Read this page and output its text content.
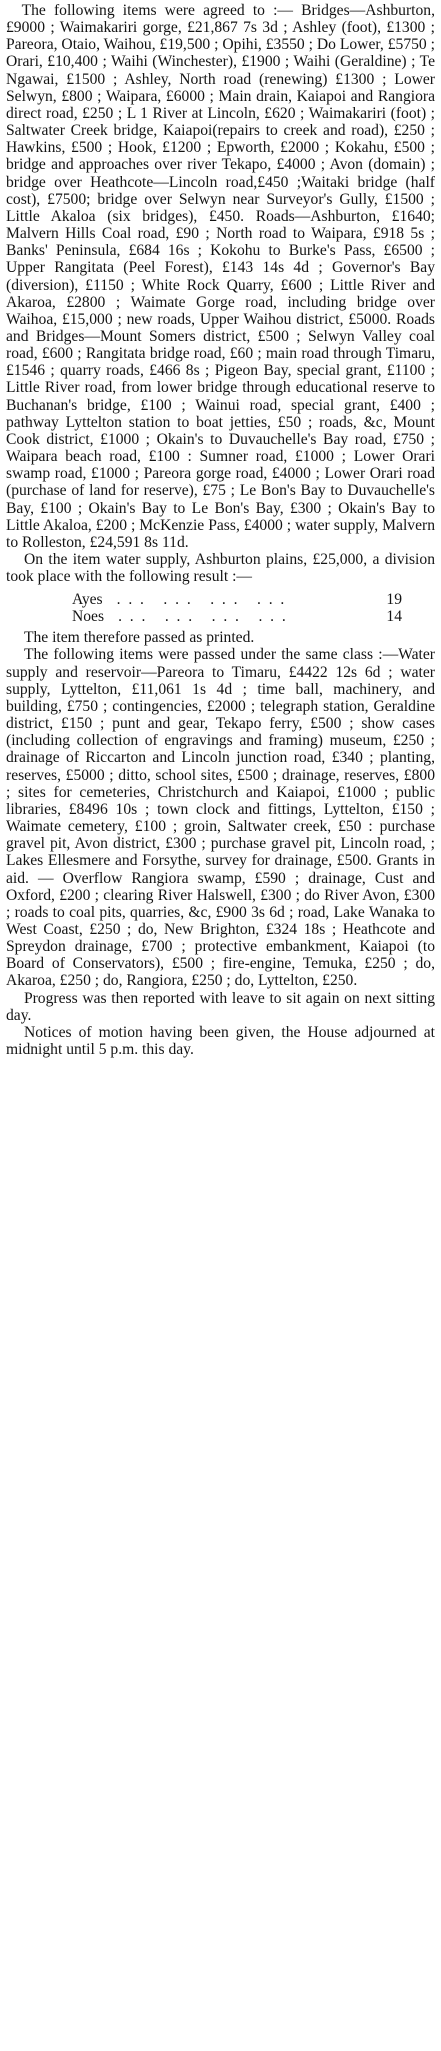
The following items were agreed to :— Bridges—Ashburton, £9000 ; Waimakariri gorge, £21,867 7s 3d ; Ashley (foot), £1300 ; Pareora, Otaio, Waihou, £19,500 ; Opihi, £3550 ; Do Lower, £5750 ; Orari, £10,400 ; Waihi (Winchester), £1900 ; Waihi (Geraldine) ; Te Ngawai, £1500 ; Ashley, North road (renewing) £1300 ; Lower Selwyn, £800 ; Waipara, £6000 ; Main drain, Kaiapoi and Rangiora direct road, £250 ; L 1 River at Lincoln, £620 ; Waimakariri (foot) ; Saltwater Creek bridge, Kaiapoi(repairs to creek and road), £250 ; Hawkins, £500 ; Hook, £1200 ; Epworth, £2000 ; Kokahu, £500 ; bridge and approaches over river Tekapo, £4000 ; Avon (domain) ; bridge over Heathcote—Lincoln road,£450 ;Waitaki bridge (half cost), £7500; bridge over Selwyn near Surveyor's Gully, £1500 ; Little Akaloa (six bridges), £450. Roads—Ashburton, £1640; Malvern Hills Coal road, £90 ; North road to Waipara, £918 5s ; Banks' Peninsula, £684 16s ; Kokohu to Burke's Pass, £6500 ; Upper Rangitata (Peel Forest), £143 14s 4d ; Governor's Bay (diversion), £1150 ; White Rock Quarry, £600 ; Little River and Akaroa, £2800 ; Waimate Gorge road, including bridge over Waihoa, £15,000 ; new roads, Upper Waihou district, £5000. Roads and Bridges—Mount Somers district, £500 ; Selwyn Valley coal road, £600 ; Rangitata bridge road, £60 ; main road through Timaru, £1546 ; quarry roads, £466 8s ; Pigeon Bay, special grant, £1100 ; Little River road, from lower bridge through educational reserve to Buchanan's bridge, £100 ; Wainui road, special grant, £400 ; pathway Lyttelton station to boat jetties, £50 ; roads, &c, Mount Cook district, £1000 ; Okain's to Duvauchelle's Bay road, £750 ; Waipara beach road, £100 : Sumner road, £1000 ; Lower Orari swamp road, £1000 ; Pareora gorge road, £4000 ; Lower Orari road (purchase of land for reserve), £75 ; Le Bon's Bay to Duvauchelle's Bay, £100 ; Okain's Bay to Le Bon's Bay, £300 ; Okain's Bay to Little Akaloa, £200 ; McKenzie Pass, £4000 ; water supply, Malvern to Rolleston, £24,591 8s 11d.

On the item water supply, Ashburton plains, £25,000, a division took place with the following result :—

Ayes ... ... ... ...	19
Noes ... ... ... ...	14

The item therefore passed as printed.

The following items were passed under the same class :—Water supply and reservoir—Pareora to Timaru, £4422 12s 6d ; water supply, Lyttelton, £11,061 1s 4d ; time ball, machinery, and building, £750 ; contingencies, £2000 ; telegraph station, Geraldine district, £150 ; punt and gear, Tekapo ferry, £500 ; show cases (including collection of engravings and framing) museum, £250 ; drainage of Riccarton and Lincoln junction road, £340 ; planting, reserves, £5000 ; ditto, school sites, £500 ; drainage, reserves, £800 ; sites for cemeteries, Christchurch and Kaiapoi, £1000 ; public libraries, £8496 10s ; town clock and fittings, Lyttelton, £150 ; Waimate cemetery, £100 ; groin, Saltwater creek, £50 : purchase gravel pit, Avon district, £300 ; purchase gravel pit, Lincoln road, ; Lakes Ellesmere and Forsythe, survey for drainage, £500. Grants in aid. — Overflow Rangiora swamp, £590 ; drainage, Cust and Oxford, £200 ; clearing River Halswell, £300 ; do River Avon, £300 ; roads to coal pits, quarries, &c, £900 3s 6d ; road, Lake Wanaka to West Coast, £250 ; do, New Brighton, £324 18s ; Heathcote and Spreydon drainage, £700 ; protective embankment, Kaiapoi (to Board of Conservators), £500 ; fire-engine, Temuka, £250 ; do, Akaroa, £250 ; do, Rangiora, £250 ; do, Lyttelton, £250.

Progress was then reported with leave to sit again on next sitting day.

Notices of motion having been given, the House adjourned at midnight until 5 p.m. this day.
